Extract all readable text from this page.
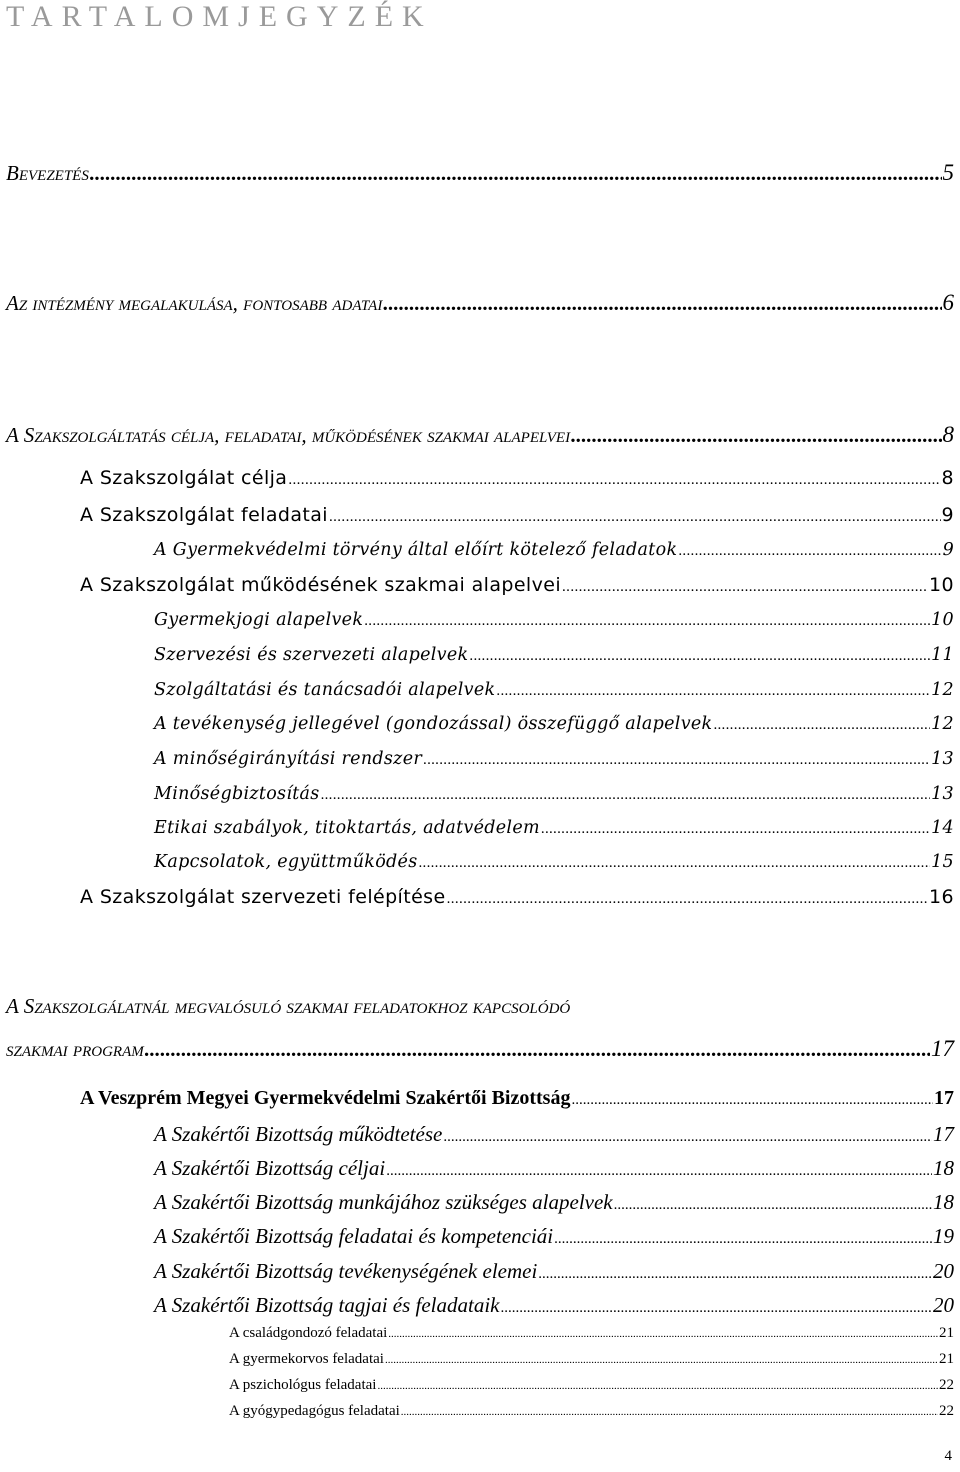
TARTALOMJEGYZÉK
Bevezetés .....	5
Az intézmény megalakulása, fontosabb adatai .....	6
A Szakszolgáltatás célja, feladatai, működésének szakmai alapelvei .....	8
A Szakszolgálat célja .....	8
A Szakszolgálat feladatai .....	9
A Gyermekvédelmi törvény által előírt kötelező feladatok .....	9
A Szakszolgálat működésének szakmai alapelvei .....	10
Gyermekjogi alapelvek .....	10
Szervezési és szervezeti alapelvek .....	11
Szolgáltatási és tanácsadói alapelvek .....	12
A tevékenység jellegével (gondozással) összefüggő alapelvek .....	12
A minőségirányítási rendszer .....	13
Minőségbiztosítás .....	13
Etikai szabályok, titoktartás, adatvédelem .....	14
Kapcsolatok, együttműködés .....	15
A Szakszolgálat szervezeti felépítése .....	16
A Szakszolgálatnál megvalósuló szakmai feladatokhoz kapcsolódó
szakmai program .....	17
A Veszprém Megyei Gyermekvédelmi Szakértői Bizottság .....	17
A Szakértői Bizottság működtetése .....	17
A Szakértői Bizottság céljai .....	18
A Szakértői Bizottság munkájához szükséges alapelvek .....	18
A Szakértői Bizottság feladatai és kompetenciái .....	19
A Szakértői Bizottság tevékenységének elemei .....	20
A Szakértői Bizottság tagjai és feladataik .....	20
A családgondozó feladatai .....	21
A gyermekorvos feladatai .....	21
A pszichológus feladatai .....	22
A gyógypedagógus feladatai .....	22
4
